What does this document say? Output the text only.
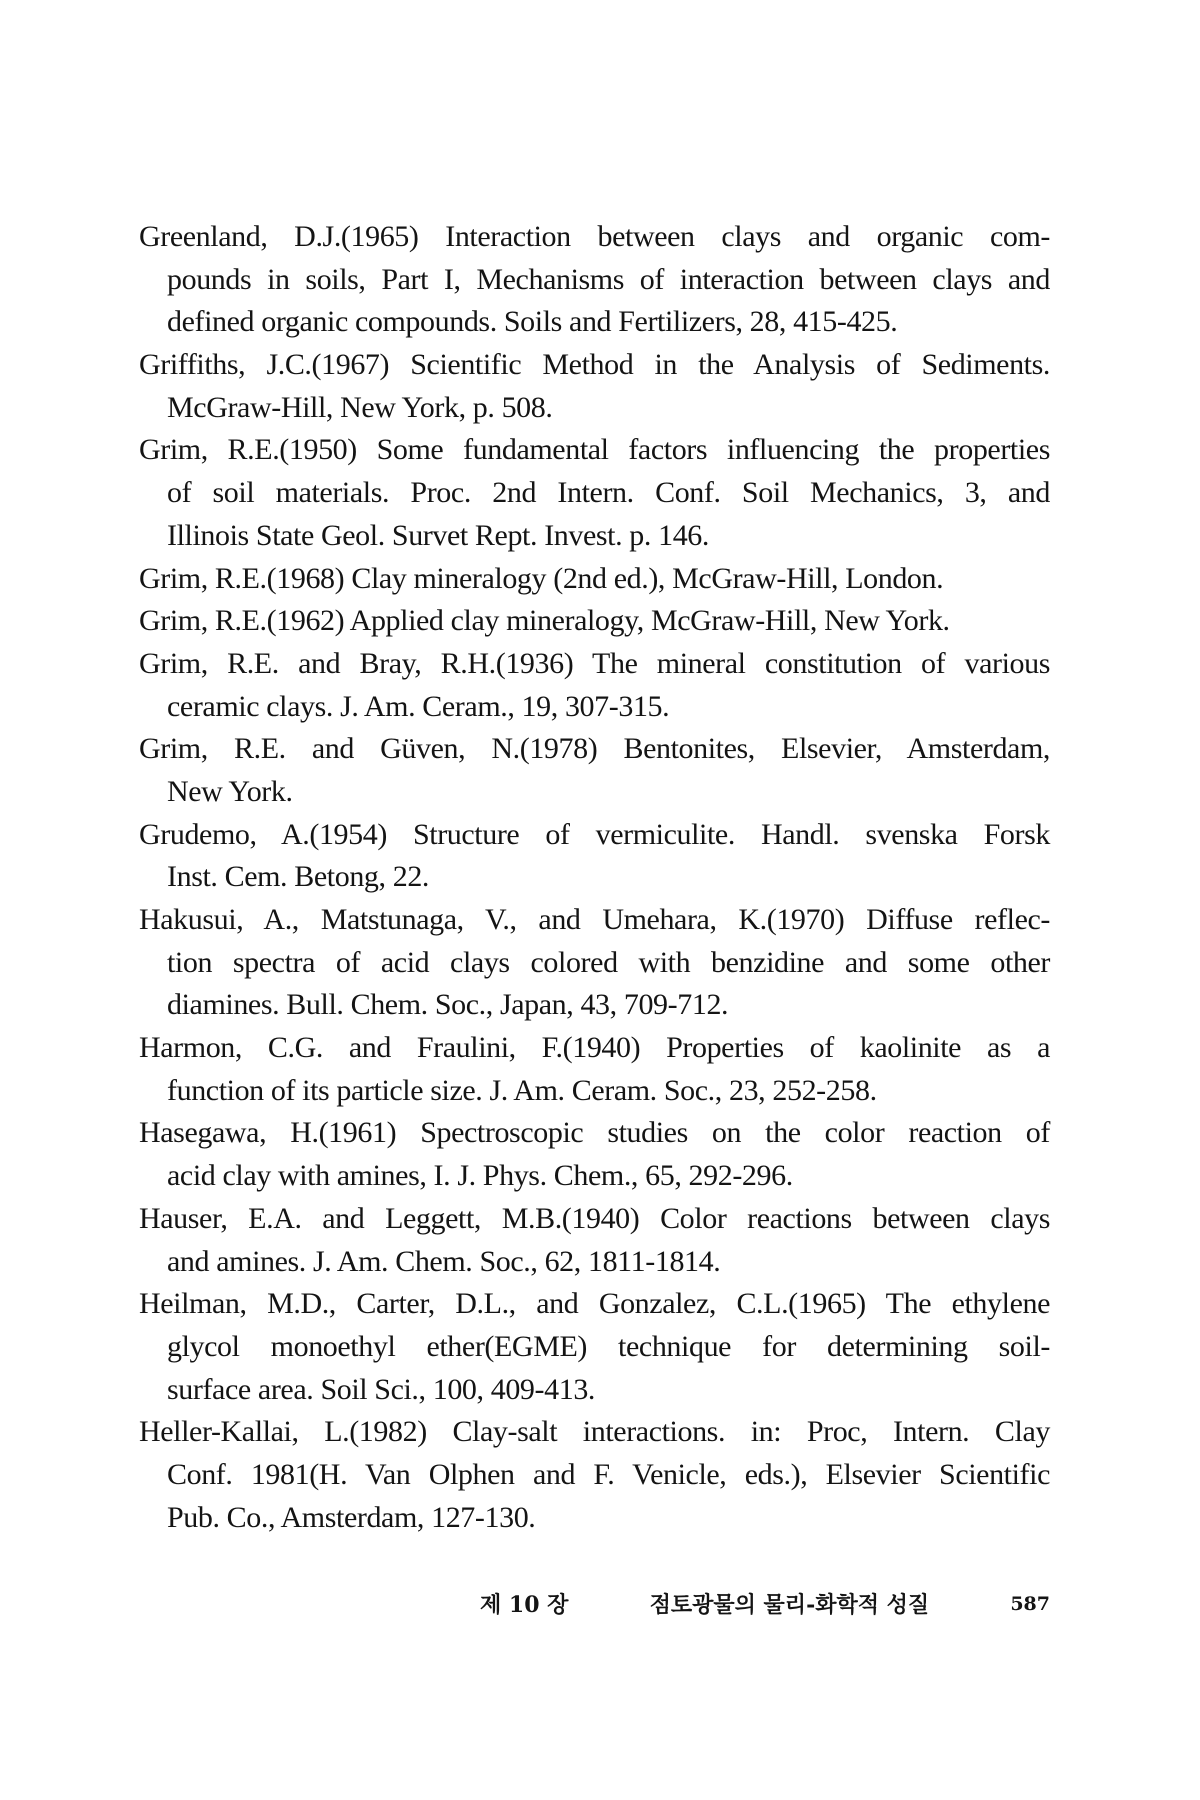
Greenland, D.J.(1965) Interaction between clays and organic com-
pounds in soils, Part I, Mechanisms of interaction between clays and
defined organic compounds. Soils and Fertilizers, 28, 415-425.
Griffiths, J.C.(1967) Scientific Method in the Analysis of Sediments.
McGraw-Hill, New York, p. 508.
Grim, R.E.(1950) Some fundamental factors influencing the properties
of soil materials. Proc. 2nd Intern. Conf. Soil Mechanics, 3, and
Illinois State Geol. Survet Rept. Invest. p. 146.
Grim, R.E.(1968) Clay mineralogy (2nd ed.), McGraw-Hill, London.
Grim, R.E.(1962) Applied clay mineralogy, McGraw-Hill, New York.
Grim, R.E. and Bray, R.H.(1936) The mineral constitution of various
ceramic clays. J. Am. Ceram., 19, 307-315.
Grim, R.E. and Güven, N.(1978) Bentonites, Elsevier, Amsterdam,
New York.
Grudemo, A.(1954) Structure of vermiculite. Handl. svenska Forsk
Inst. Cem. Betong, 22.
Hakusui, A., Matstunaga, V., and Umehara, K.(1970) Diffuse reflec-
tion spectra of acid clays colored with benzidine and some other
diamines. Bull. Chem. Soc., Japan, 43, 709-712.
Harmon, C.G. and Fraulini, F.(1940) Properties of kaolinite as a
function of its particle size. J. Am. Ceram. Soc., 23, 252-258.
Hasegawa, H.(1961) Spectroscopic studies on the color reaction of
acid clay with amines, I. J. Phys. Chem., 65, 292-296.
Hauser, E.A. and Leggett, M.B.(1940) Color reactions between clays
and amines. J. Am. Chem. Soc., 62, 1811-1814.
Heilman, M.D., Carter, D.L., and Gonzalez, C.L.(1965) The ethylene
glycol monoethyl ether(EGME) technique for determining soil-
surface area. Soil Sci., 100, 409-413.
Heller-Kallai, L.(1982) Clay-salt interactions. in: Proc, Intern. Clay
Conf. 1981(H. Van Olphen and F. Venicle, eds.), Elsevier Scientific
Pub. Co., Amsterdam, 127-130.
제 10 장	점토광물의 물리-화학적 성질	587
